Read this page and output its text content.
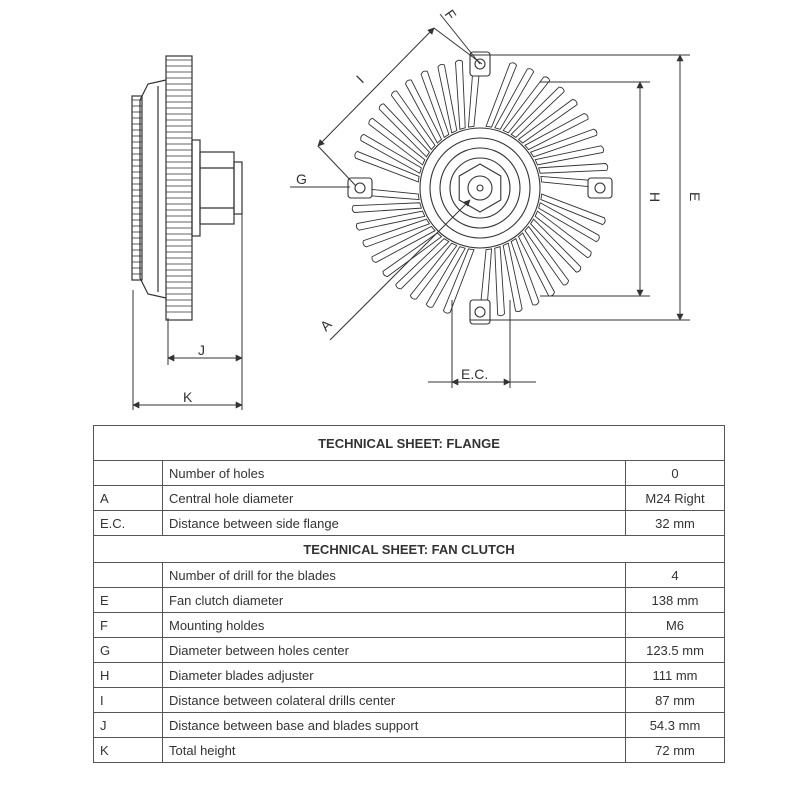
J
K
E.C.
G
H E
I
F
A
TECHNICAL SHEET: FLANGE		
	Number of holes	0
A	Central hole diameter	M24 Right
E.C.	Distance between side flange	32 mm
TECHNICAL SHEET: FAN CLUTCH		
	Number of drill for the blades	4
E	Fan clutch diameter	138 mm
F	Mounting holdes	M6
G	Diameter between holes center	123.5 mm
H	Diameter blades adjuster	111 mm
I	Distance between colateral drills center	87 mm
J	Distance between base and blades support	54.3 mm
K	Total height	72 mm
